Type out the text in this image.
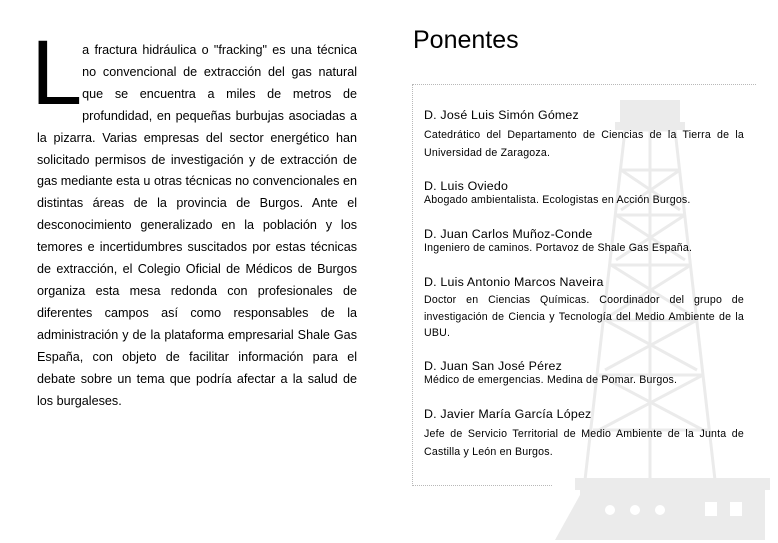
L a fractura hidráulica o "fracking" es una técnica no convencional de extracción del gas natural que se encuentra a miles de metros de profundidad, en pequeñas burbujas asociadas a la pizarra. Varias empresas del sector energético han solicitado permisos de investigación y de extracción de gas mediante esta u otras técnicas no convencionales en distintas áreas de la provincia de Burgos. Ante el desconocimiento generalizado en la población y los temores e incertidumbres suscitados por estas técnicas de extracción, el Colegio Oficial de Médicos de Burgos organiza esta mesa redonda con profesionales de diferentes campos así como responsables de la administración y de la plataforma empresarial Shale Gas España, con objeto de facilitar información para el debate sobre un tema que podría afectar a la salud de los burgaleses.

Ponentes
D. José Luis Simón Gómez
Catedrático del Departamento de Ciencias de la Tierra de la Universidad de Zaragoza.
D. Luis Oviedo
Abogado ambientalista. Ecologistas en Acción Burgos.
D. Juan Carlos Muñoz-Conde
Ingeniero de caminos. Portavoz de Shale Gas España.
D. Luis Antonio Marcos Naveira
Doctor en Ciencias Químicas. Coordinador del grupo de investigación de Ciencia y Tecnología del Medio Ambiente de la UBU.
D. Juan San José Pérez
Médico de emergencias. Medina de Pomar. Burgos.
D. Javier María García López
Jefe de Servicio Territorial de Medio Ambiente de la Junta de Castilla y León en Burgos.
